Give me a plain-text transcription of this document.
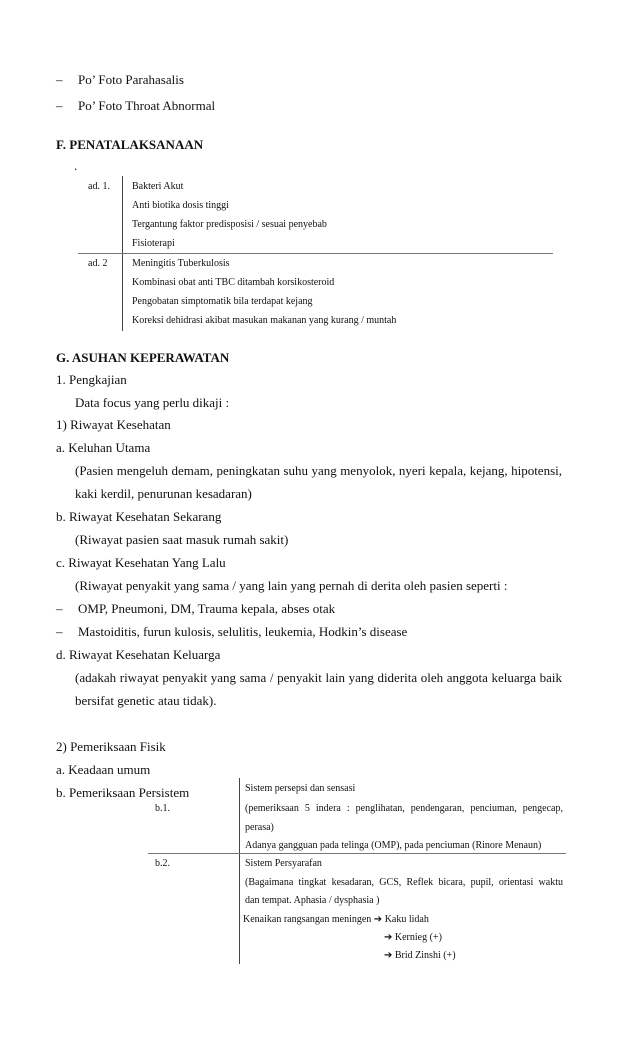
– Po’ Foto Parahasalis
– Po’ Foto Throat Abnormal
F. PENATALAKSANAAN
.
ad. 1. Bakteri Akut
Anti biotika dosis tinggi
Tergantung faktor predisposisi / sesuai penyebab
Fisioterapi
ad. 2 Meningitis Tuberkulosis
Kombinasi obat anti TBC ditambah korsikosteroid
Pengobatan simptomatik bila terdapat kejang
Koreksi dehidrasi akibat masukan makanan yang kurang / muntah
G. ASUHAN KEPERAWATAN
1. Pengkajian
Data focus yang perlu dikaji :
1) Riwayat Kesehatan
a. Keluhan Utama
(Pasien mengeluh demam, peningkatan suhu yang menyolok, nyeri kepala, kejang, hipotensi,
kaki kerdil, penurunan kesadaran)
b. Riwayat Kesehatan Sekarang
(Riwayat pasien saat masuk rumah sakit)
c. Riwayat Kesehatan Yang Lalu
(Riwayat penyakit yang sama / yang lain yang pernah di derita oleh pasien seperti :
– OMP, Pneumoni, DM, Trauma kepala, abses otak
– Mastoiditis, furun kulosis, selulitis, leukemia, Hodkin’s disease
d. Riwayat Kesehatan Keluarga
(adakah riwayat penyakit yang sama / penyakit lain yang diderita oleh anggota keluarga baik
bersifat genetic atau tidak).
2) Pemeriksaan Fisik
a. Keadaan umum
b. Pemeriksaan Persistem	Sistem persepsi dan sensasi
b.1.	(pemeriksaan 5 indera : penglihatan, pendengaran, penciuman, pengecap,
perasa)
Adanya gangguan pada telinga (OMP), pada penciuman (Rinore Menaun)
b.2.	Sistem Persyarafan
(Bagaimana tingkat kesadaran, GCS, Reflek bicara, pupil, orientasi waktu
dan tempat. Aphasia / dysphasia )
Kenaikan rangsangan meningen ➔ Kaku lidah
➔ Kernieg (+)
➔ Brid Zinshi (+)
